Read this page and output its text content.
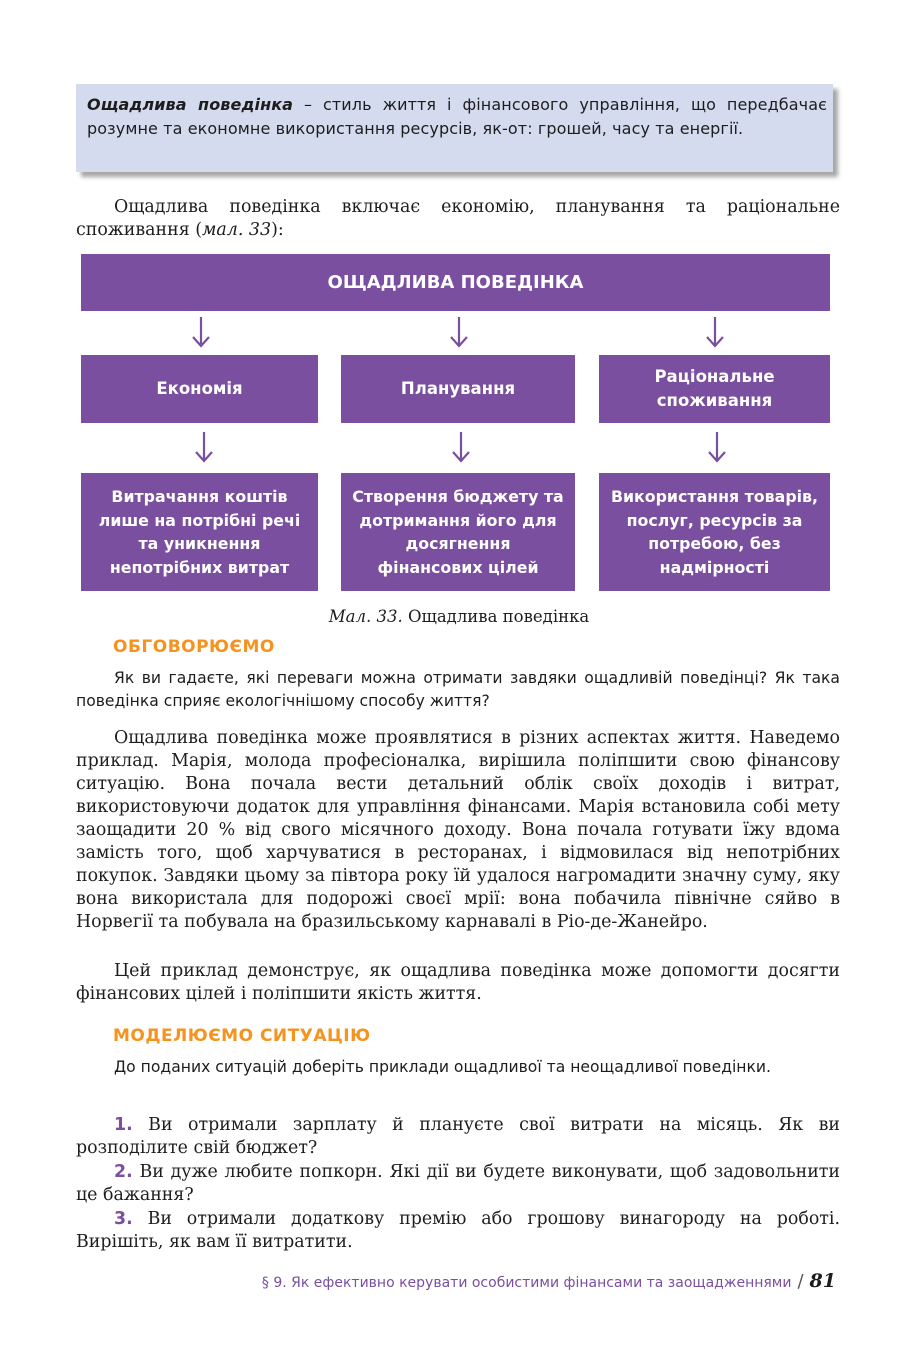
Ощадлива поведінка – стиль життя і фінансового управління, що передбачає розумне та економне використання ресурсів, як-от: грошей, часу та енергії.
Ощадлива поведінка включає економію, планування та раціональне споживання (мал. 33):
ОЩАДЛИВА ПОВЕДІНКА
Економія	Планування
Раціональне споживання
Витрачання коштів лише на потрібні речі та уникнення непотрібних витрат
Створення бюджету та дотримання його для досягнення фінансових цілей
Використання товарів, послуг, ресурсів за потребою, без надмірності
Мал. 33. Ощадлива поведінка
ОБГОВОРЮЄМО
Як ви гадаєте, які переваги можна отримати завдяки ощадливій поведінці? Як така поведінка сприяє екологічнішому способу життя?
Ощадлива поведінка може проявлятися в різних аспектах життя. Наведемо приклад. Марія, молода професіоналка, вирішила поліпшити свою фінансову ситуацію. Вона почала вести детальний облік своїх доходів і витрат, використовуючи додаток для управління фінансами. Марія встановила собі мету заощадити 20 % від свого місячного доходу. Вона почала готувати їжу вдома замість того, щоб харчуватися в ресторанах, і відмовилася від непотрібних покупок. Завдяки цьому за півтора року їй удалося нагромадити значну суму, яку вона використала для подорожі своєї мрії: вона побачила північне сяйво в Норвегії та побувала на бразильському карнавалі в Ріо-де-Жанейро.
Цей приклад демонструє, як ощадлива поведінка може допомогти досягти фінансових цілей і поліпшити якість життя.
МОДЕЛЮЄМО СИТУАЦІЮ
До поданих ситуацій доберіть приклади ощадливої та неощадливої поведінки.
1. Ви отримали зарплату й плануєте свої витрати на місяць. Як ви розподілите свій бюджет?
2. Ви дуже любите попкорн. Які дії ви будете виконувати, щоб задовольнити це бажання?
3. Ви отримали додаткову премію або грошову винагороду на роботі. Вирішіть, як вам її витратити.
§ 9. Як ефективно керувати особистими фінансами та заощадженнями / 81
